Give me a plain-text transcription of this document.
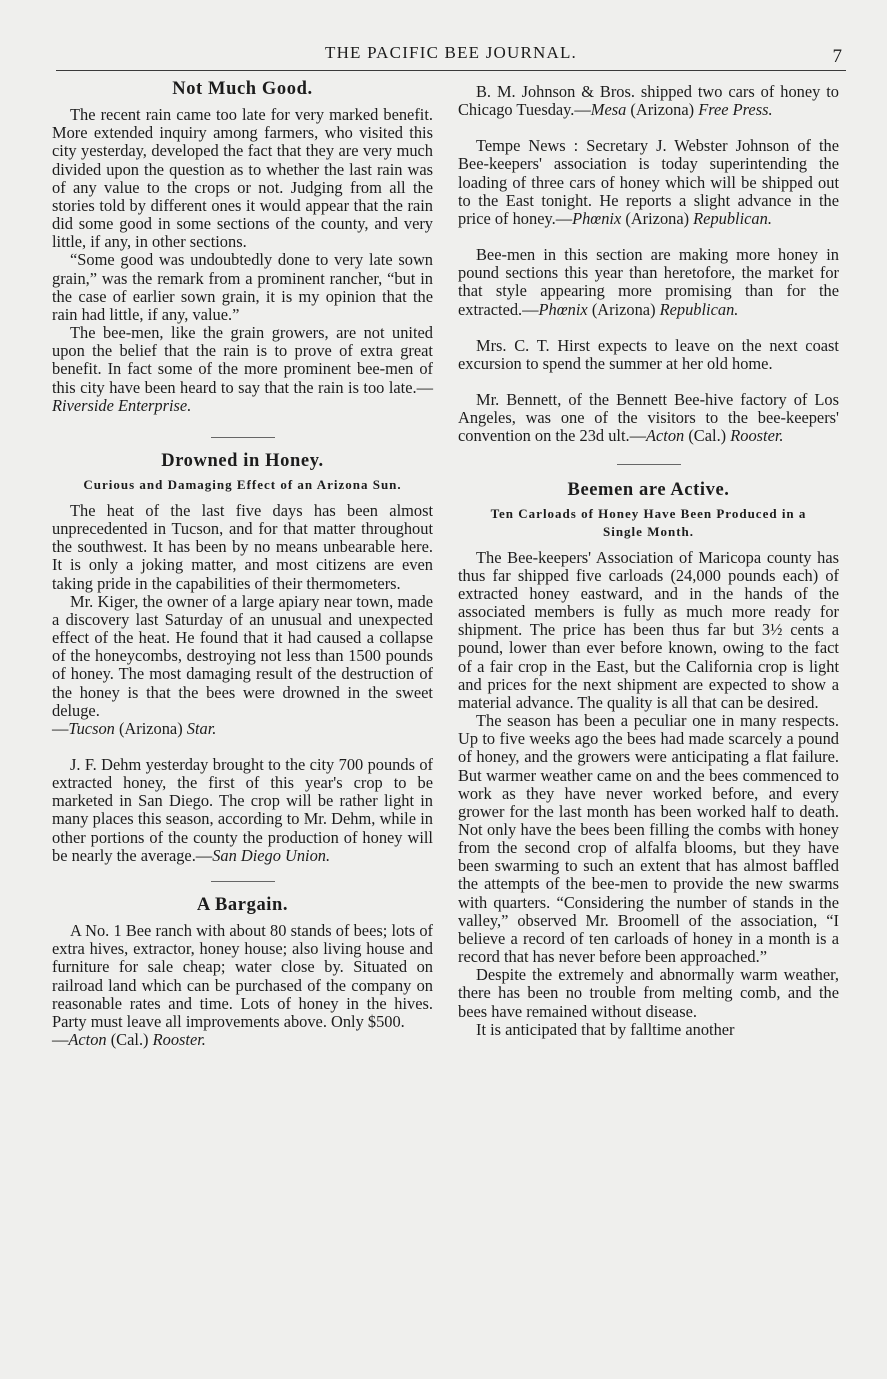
THE PACIFIC BEE JOURNAL.	7
Not Much Good.

The recent rain came too late for very marked benefit. More extended inquiry among farmers, who visited this city yesterday, developed the fact that they are very much divided upon the question as to whether the last rain was of any value to the crops or not. Judging from all the stories told by different ones it would appear that the rain did some good in some sections of the county, and very little, if any, in other sections.

“Some good was undoubtedly done to very late sown grain,” was the remark from a prominent rancher, “but in the case of earlier sown grain, it is my opinion that the rain had little, if any, value.”

The bee-men, like the grain growers, are not united upon the belief that the rain is to prove of extra great benefit. In fact some of the more prominent bee-men of this city have been heard to say that the rain is too late.—Riverside Enterprise.

Drowned in Honey.
Curious and Damaging Effect of an Arizona Sun.

The heat of the last five days has been almost unprecedented in Tucson, and for that matter throughout the southwest. It has been by no means unbearable here. It is only a joking matter, and most citizens are even taking pride in the capabilities of their thermometers.

Mr. Kiger, the owner of a large apiary near town, made a discovery last Saturday of an unusual and unexpected effect of the heat. He found that it had caused a collapse of the honeycombs, destroying not less than 1500 pounds of honey. The most damaging result of the destruction of the honey is that the bees were drowned in the sweet deluge.

—Tucson (Arizona) Star.

J. F. Dehm yesterday brought to the city 700 pounds of extracted honey, the first of this year's crop to be marketed in San Diego. The crop will be rather light in many places this season, according to Mr. Dehm, while in other portions of the county the production of honey will be nearly the average.—San Diego Union.

A Bargain.

A No. 1 Bee ranch with about 80 stands of bees; lots of extra hives, extractor, honey house; also living house and furniture for sale cheap; water close by. Situated on railroad land which can be purchased of the company on reasonable rates and time. Lots of honey in the hives. Party must leave all improvements above. Only $500.

—Acton (Cal.) Rooster.

B. M. Johnson & Bros. shipped two cars of honey to Chicago Tuesday.—Mesa (Arizona) Free Press.

Tempe News : Secretary J. Webster Johnson of the Bee-keepers' association is today superintending the loading of three cars of honey which will be shipped out to the East tonight. He reports a slight advance in the price of honey.—Phœnix (Arizona) Republican.

Bee-men in this section are making more honey in pound sections this year than heretofore, the market for that style appearing more promising than for the extracted.—Phœnix (Arizona) Republican.

Mrs. C. T. Hirst expects to leave on the next coast excursion to spend the summer at her old home.

Mr. Bennett, of the Bennett Bee-hive factory of Los Angeles, was one of the visitors to the bee-keepers' convention on the 23d ult.—Acton (Cal.) Rooster.

Beemen are Active.
Ten Carloads of Honey Have Been Produced in a Single Month.

The Bee-keepers' Association of Maricopa county has thus far shipped five carloads (24,000 pounds each) of extracted honey eastward, and in the hands of the associated members is fully as much more ready for shipment. The price has been thus far but 3½ cents a pound, lower than ever before known, owing to the fact of a fair crop in the East, but the California crop is light and prices for the next shipment are expected to show a material advance. The quality is all that can be desired.

The season has been a peculiar one in many respects. Up to five weeks ago the bees had made scarcely a pound of honey, and the growers were anticipating a flat failure. But warmer weather came on and the bees commenced to work as they have never worked before, and every grower for the last month has been worked half to death. Not only have the bees been filling the combs with honey from the second crop of alfalfa blooms, but they have been swarming to such an extent that has almost baffled the attempts of the bee-men to provide the new swarms with quarters. “Considering the number of stands in the valley,” observed Mr. Broomell of the association, “I believe a record of ten carloads of honey in a month is a record that has never before been approached.”

Despite the extremely and abnormally warm weather, there has been no trouble from melting comb, and the bees have remained without disease.

It is anticipated that by falltime another
